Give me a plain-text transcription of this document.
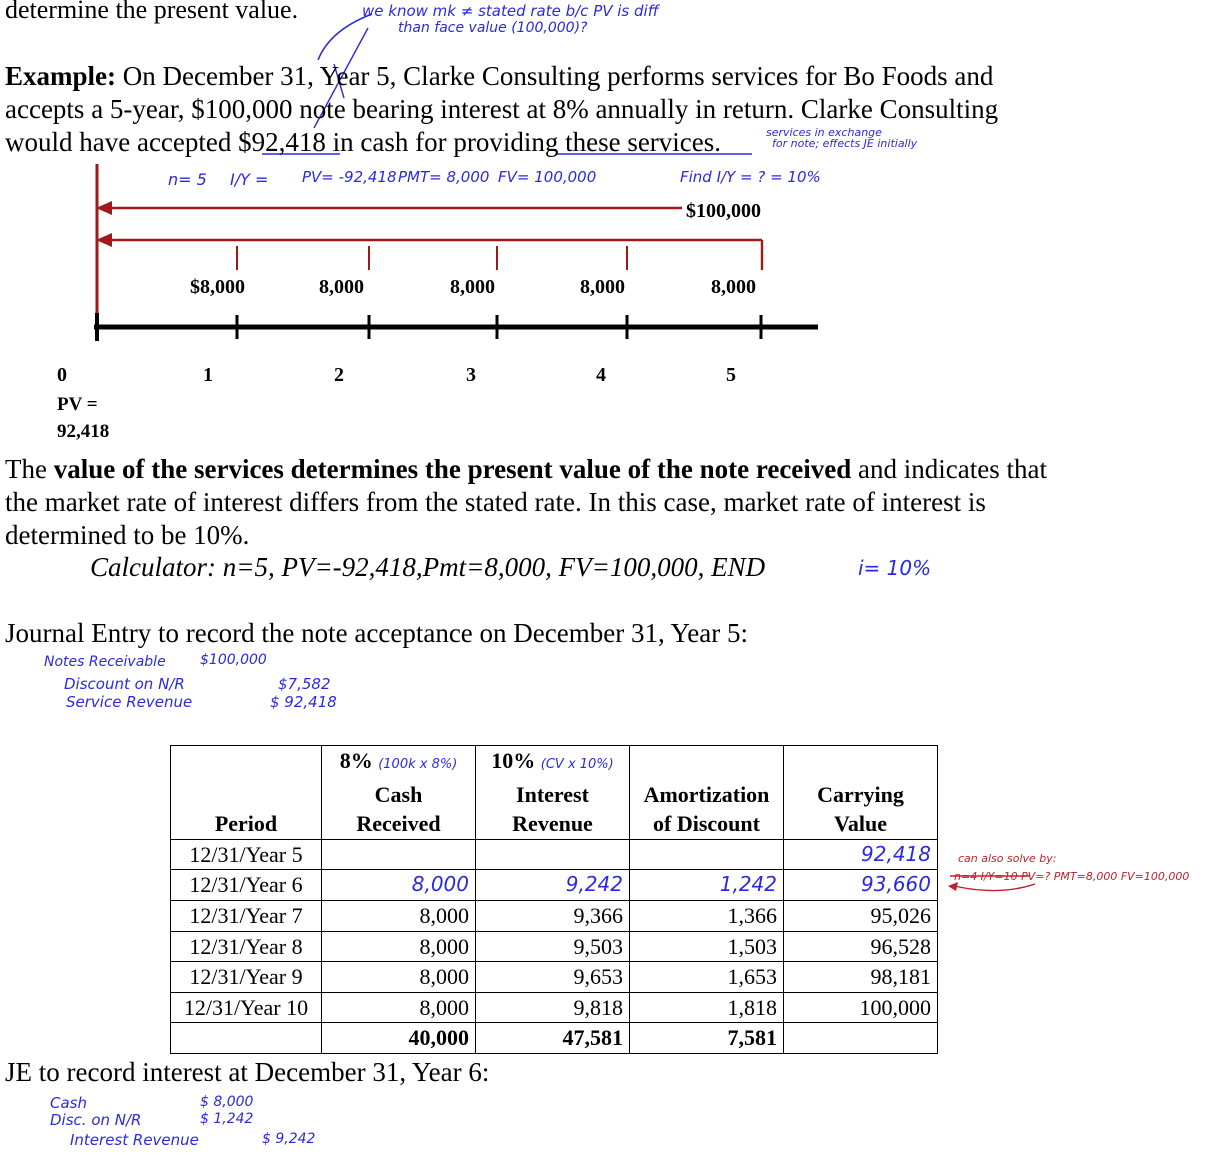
determine the present value.	we know mk ≠ stated rate b/c PV is diff
than face value (100,000)?
Example: On December 31, Year 5, Clarke Consulting performs services for Bo Foods and
accepts a 5-year, $100,000 note bearing interest at 8% annually in return. Clarke Consulting
would have accepted $92,418 in cash for providing these services.	services in exchange
for note; effects JE initially
n= 5 I/Y = PV= -92,418 PMT= 8,000 FV= 100,000	Find I/Y = ? = 10%
$100,000
$8,000	8,000	8,000	8,000	8,000
0	1	2	3	4	5
PV =
92,418
The value of the services determines the present value of the note received and indicates that
the market rate of interest differs from the stated rate. In this case, market rate of interest is
determined to be 10%.
Calculator: n=5, PV=-92,418,Pmt=8,000, FV=100,000, END	i= 10%
Journal Entry to record the note acceptance on December 31, Year 5:
Notes Receivable $100,000
Discount on N/R	$7,582
Service Revenue	$ 92,418
	8% (100k x 8%)	10% (CV x 10%)		
	Cash	Interest	Amortization	Carrying
Period	Received	Revenue	of Discount	Value
12/31/Year 5				92,418
12/31/Year 6	8,000	9,242	1,242	93,660
12/31/Year 7	8,000	9,366	1,366	95,026
12/31/Year 8	8,000	9,503	1,503	96,528
12/31/Year 9	8,000	9,653	1,653	98,181
12/31/Year 10	8,000	9,818	1,818	100,000
	40,000	47,581	7,581	
can also solve by:
n=4 I/Y=10 PV=? PMT=8,000 FV=100,000
JE to record interest at December 31, Year 6:
Cash	$ 8,000
Disc. on N/R	$ 1,242
Interest Revenue	$ 9,242
